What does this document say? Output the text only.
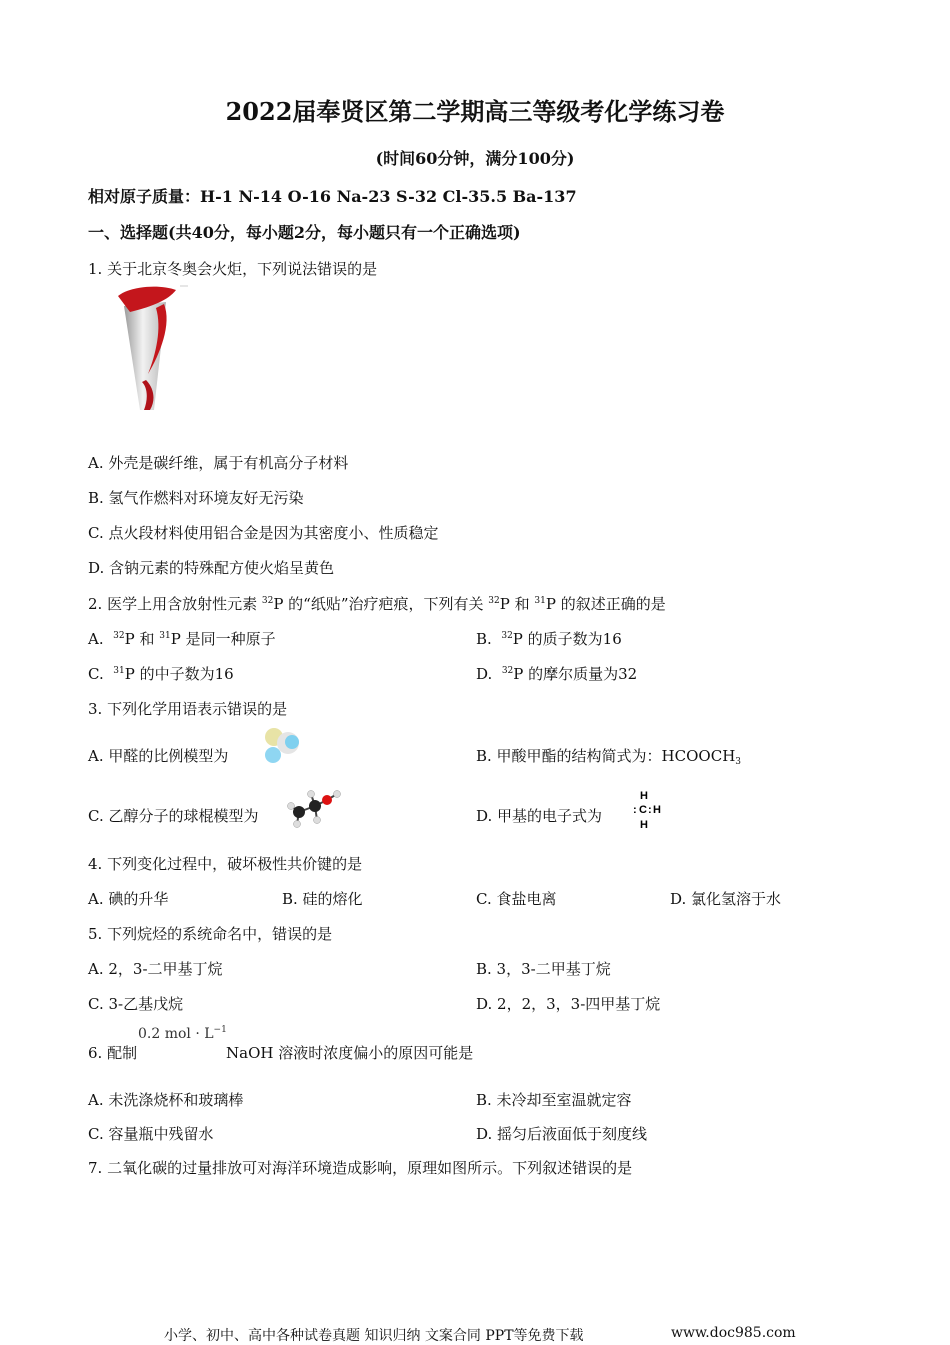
2022届奉贤区第二学期高三等级考化学练习卷
(时间60分钟，满分100分)
相对原子质量：H-1 N-14 O-16 Na-23 S-32 Cl-35.5 Ba-137
一、选择题(共40分，每小题2分，每小题只有一个正确选项)
1. 关于北京冬奥会火炬，下列说法错误的是
A. 外壳是碳纤维，属于有机高分子材料
B. 氢气作燃料对环境友好无污染
C. 点火段材料使用铝合金是因为其密度小、性质稳定
D. 含钠元素的特殊配方使火焰呈黄色
2. 医学上用含放射性元素 $^{32}$P 的“纸贴”治疗疤痕，下列有关 $^{32}$P 和 $^{31}$P 的叙述正确的是
A. $^{32}$P 和 $^{31}$P 是同一种原子	B. $^{32}$P 的质子数为16
C. $^{31}$P 的中子数为16	D. $^{32}$P 的摩尔质量为32
3. 下列化学用语表示错误的是
A. 甲醛的比例模型为	B. 甲酸甲酯的结构简式为：$HCOOCH_3$
C. 乙醇分子的球棍模型为	D. 甲基的电子式为
H
: C : H
H
4. 下列变化过程中，破坏极性共价键的是
A. 碘的升华	B. 硅的熔化	C. 食盐电离	D. 氯化氢溶于水
5. 下列烷烃的系统命名中，错误的是
A. 2，3-二甲基丁烷	B. 3，3-二甲基丁烷
C. 3-乙基戊烷	D. 2，2，3，3-四甲基丁烷
6. 配制
0.2 mol · $L^{-1}$
NaOH 溶液时浓度偏小的原因可能是
A. 未洗涤烧杯和玻璃棒	B. 未冷却至室温就定容
C. 容量瓶中残留水	D. 摇匀后液面低于刻度线
7. 二氧化碳的过量排放可对海洋环境造成影响，原理如图所示。下列叙述错误的是
小学、初中、高中各种试卷真题 知识归纳 文案合同 PPT等免费下载	www.doc985.com
